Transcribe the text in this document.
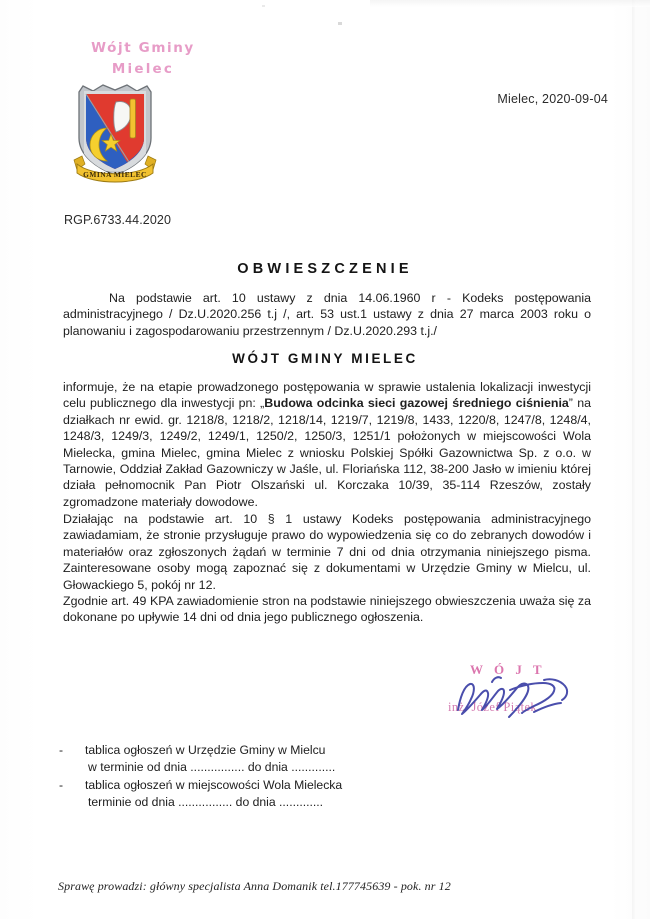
Wójt Gminy
Mielec
GMINA MIELEC
Mielec, 2020-09-04
RGP.6733.44.2020
OBWIESZCZENIE
Na podstawie art. 10 ustawy z dnia 14.06.1960 r - Kodeks postępowania administracyjnego / Dz.U.2020.256 t.j /, art. 53 ust.1 ustawy z dnia 27 marca 2003 roku o planowaniu i zagospodarowaniu przestrzennym / Dz.U.2020.293 t.j./
WÓJT GMINY MIELEC
informuje, że na etapie prowadzonego postępowania w sprawie ustalenia lokalizacji inwestycji celu publicznego dla inwestycji pn: „Budowa odcinka sieci gazowej średniego ciśnienia” na działkach nr ewid. gr. 1218/8, 1218/2, 1218/14, 1219/7, 1219/8, 1433, 1220/8, 1247/8, 1248/4, 1248/3, 1249/3, 1249/2, 1249/1, 1250/2, 1250/3, 1251/1 położonych w miejscowości Wola Mielecka, gmina Mielec, gmina Mielec z wniosku Polskiej Spółki Gazownictwa Sp. z o.o. w Tarnowie, Oddział Zakład Gazowniczy w Jaśle, ul. Floriańska 112, 38-200 Jasło w imieniu której działa pełnomocnik Pan Piotr Olszański ul. Korczaka 10/39, 35-114 Rzeszów, zostały zgromadzone materiały dowodowe.
Działając na podstawie art. 10 § 1 ustawy Kodeks postępowania administracyjnego zawiadamiam, że stronie przysługuje prawo do wypowiedzenia się co do zebranych dowodów i materiałów oraz zgłoszonych żądań w terminie 7 dni od dnia otrzymania niniejszego pisma. Zainteresowane osoby mogą zapoznać się z dokumentami w Urzędzie Gminy w Mielcu, ul. Głowackiego 5, pokój nr 12.
Zgodnie art. 49 KPA zawiadomienie stron na podstawie niniejszego obwieszczenia uważa się za dokonane po upływie 14 dni od dnia jego publicznego ogłoszenia.
W Ó J T
inż. Józef Piątek
-	tablica ogłoszeń w Urzędzie Gminy w Mielcu
w terminie od dnia ................ do dnia .............
-	tablica ogłoszeń w miejscowości Wola Mielecka
terminie od dnia ................ do dnia .............
Sprawę prowadzi: główny specjalista Anna Domanik tel.177745639 - pok. nr 12
